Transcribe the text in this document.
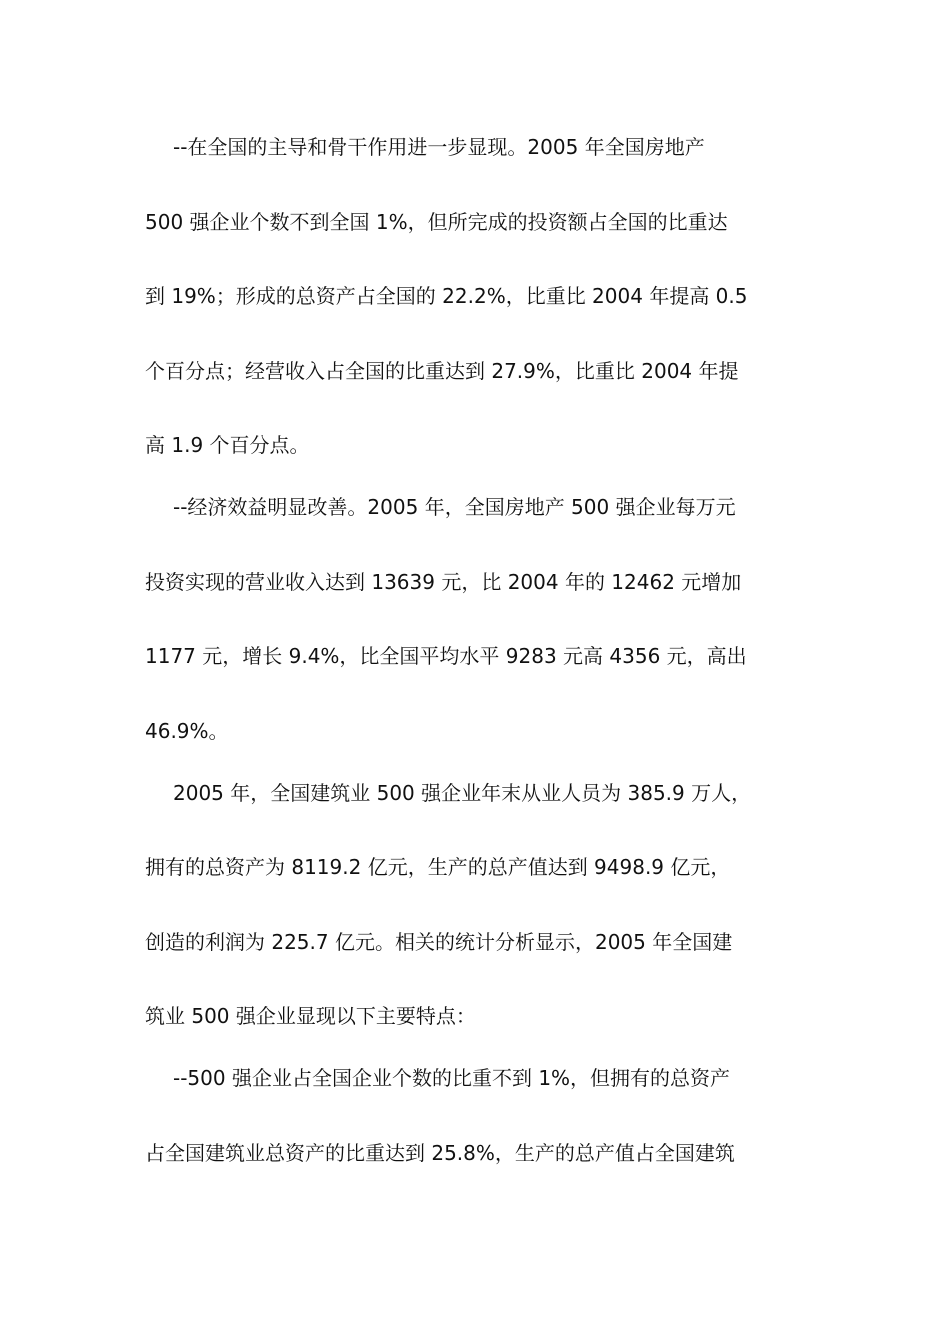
--在全国的主导和骨干作用进一步显现。2005 年全国房地产

500 强企业个数不到全国 1%，但所完成的投资额占全国的比重达

到 19%；形成的总资产占全国的 22.2%，比重比 2004 年提高 0.5

个百分点；经营收入占全国的比重达到 27.9%，比重比 2004 年提

高 1.9 个百分点。

--经济效益明显改善。2005 年，全国房地产 500 强企业每万元

投资实现的营业收入达到 13639 元，比 2004 年的 12462 元增加

1177 元，增长 9.4%，比全国平均水平 9283 元高 4356 元，高出

46.9%。

2005 年，全国建筑业 500 强企业年末从业人员为 385.9 万人，

拥有的总资产为 8119.2 亿元，生产的总产值达到 9498.9 亿元，

创造的利润为 225.7 亿元。相关的统计分析显示，2005 年全国建

筑业 500 强企业显现以下主要特点：

--500 强企业占全国企业个数的比重不到 1%，但拥有的总资产

占全国建筑业总资产的比重达到 25.8%，生产的总产值占全国建筑
